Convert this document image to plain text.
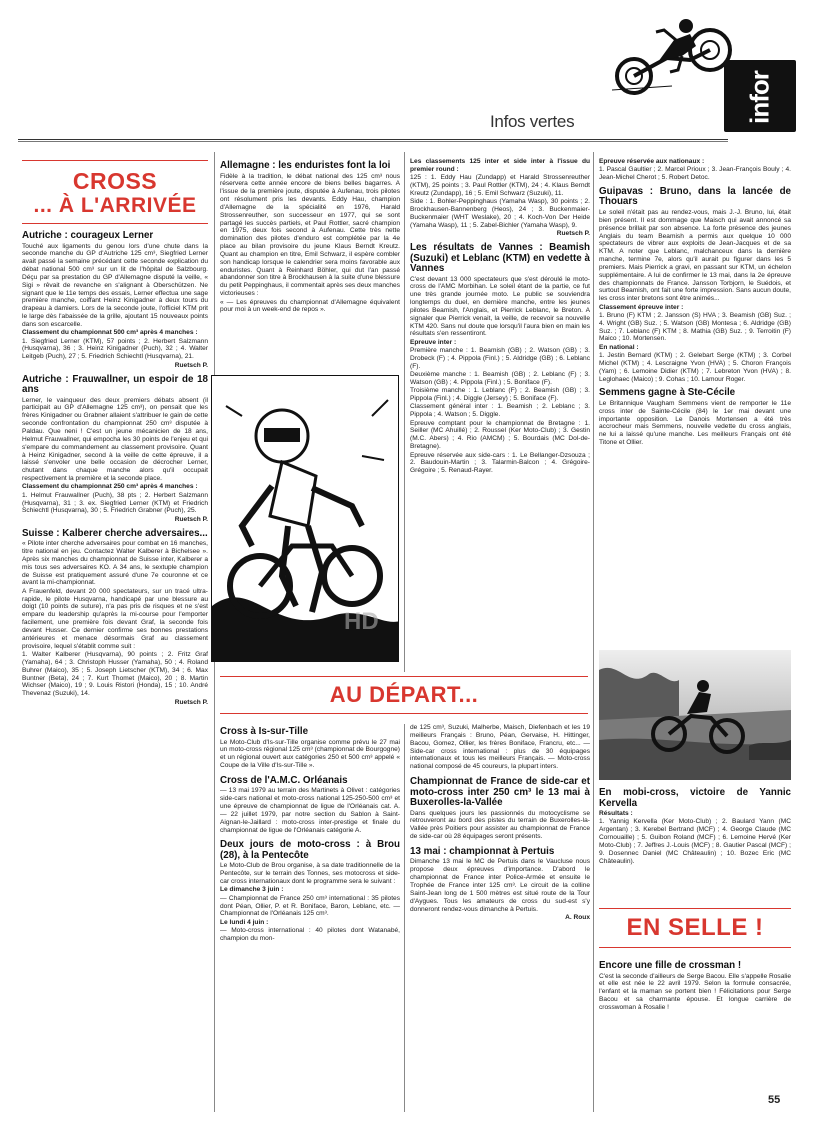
infor
Infos vertes
CROSS
... À L'ARRIVÉE
Autriche : courageux Lerner

Touché aux ligaments du genou lors d'une chute dans la seconde manche du GP d'Autriche 125 cm³, Siegfried Lerner avait passé la semaine précédant cette seconde explication du débat national 500 cm³ sur un lit de l'hôpital de Salzbourg. Déçu par sa prestation du GP d'Allemagne disputé la veille, « Sigi » rêvait de revanche en s'alignant à Oberschützen. Ne signant que le 11e temps des essais, Lerner effectua une sage première manche, coiffant Heinz Kinigadner à deux tours du drapeau à damiers. Lors de la seconde joute, l'officiel KTM prit le large dès l'abaissée de la grille, ajoutant 15 nouveaux points dans son escarcelle.

Classement du championnat 500 cm³ après 4 manches :

1. Siegfried Lerner (KTM), 57 points ; 2. Herbert Salzmann (Husqvarna), 36 ; 3. Heinz Kinigadner (Puch), 32 ; 4. Walter Leitgeb (Puch), 27 ; 5. Friedrich Schiechtl (Husqvarna), 21.

Ruetsch P.
Autriche : Frauwallner, un espoir de 18 ans

Lerner, le vainqueur des deux premiers débats absent (il participait au GP d'Allemagne 125 cm³), on pensait que les frères Kinigadner ou Grabner allaient s'attribuer le gain de cette seconde confrontation du championnat 250 cm³ disputée à Paldau. Que neni ! C'est un jeune mécanicien de 18 ans, Helmut Frauwallner, qui empocha les 30 points de l'enjeu et qui s'empare du commandement au classement provisoire. Quant à Heinz Kinigadner, second à la veille de cette épreuve, il a laissé s'envoler une belle occasion de décrocher Lerner, chutant dans chaque manche alors qu'il occupait respectivement la première et la seconde place.

Classement du championnat 250 cm³ après 4 manches :

1. Helmut Frauwallner (Puch), 38 pts ; 2. Herbert Salzmann (Husqvarna), 31 ; 3. ex. Siegfried Lerner (KTM) et Friedrich Schiechtl (Husqvarna), 30 ; 5. Friedrich Grabner (Puch), 25.

Ruetsch P.
Suisse : Kalberer cherche adversaires...

« Pilote inter cherche adversaires pour combat en 16 manches, titre national en jeu. Contactez Walter Kalberer à Bichelsee ». Après six manches du championnat de Suisse inter, Kalberer a mis tous ses adversaires KO. A 34 ans, le sextuple champion de Suisse est pratiquement assuré d'une 7e couronne et ce avant la mi-championnat.

A Frauenfeld, devant 20 000 spectateurs, sur un tracé ultra-rapide, le pilote Husqvarna, handicapé par une blessure au doigt (10 points de suture), n'a pas pris de risques et ne s'est empare du leadership qu'après la mi-course pour l'emporter facilement, une première fois devant Graf, la seconde fois devant Husser. Ce dernier confirme ses bonnes prestations antérieures et menace désormais Graf au classement provisoire, lequel s'établit comme suit :

1. Walter Kalberer (Husqvarna), 90 points ; 2. Fritz Graf (Yamaha), 64 ; 3. Christoph Husser (Yamaha), 50 ; 4. Roland Buhrer (Maico), 35 ; 5. Joseph Lietscher (KTM), 34 ; 6. Max Buntner (Beta), 24 ; 7. Kurt Thomet (Maico), 20 ; 8. Martin Wichser (Maico), 19 ; 9. Louis Ristori (Honda), 15 ; 10. André Thevenaz (Suzuki), 14.

Ruetsch P.
Allemagne : les enduristes font la loi

Fidèle à la tradition, le débat national des 125 cm³ nous réservera cette année encore de biens belles bagarres. A l'issue de la première joute, disputée à Aufenau, trois pilotes ont résolument pris les devants. Eddy Hau, champion d'Allemagne de la spécialité en 1976, Harald Strossenreuther, son successeur en 1977, qui se sont partagé les succès partiels, et Paul Rottler, sacré champion en 1975, deux fois second à Aufenau. Cette très nette domination des pilotes d'enduro est complétée par la 4e place au bilan provisoire du jeune Klaus Berndt Kreutz. Quant au champion en titre, Emil Schwarz, il espère combler son handicap lorsque le calendrier sera moins favorable aux enduristes. Quant à Reinhard Böhler, qui dut l'an passé abandonner son titre à Brockhausen à la suite d'une blessure du petit Peppinghaus, il commentait après ses deux manches victorieuses :

« — Les épreuves du championnat d'Allemagne équivalent pour moi à un week-end de repos ».

HD

Les classements 125 inter et side inter à l'issue du premier round :

125 : 1. Eddy Hau (Zundapp) et Harald Strossenreuther (KTM), 25 points ; 3. Paul Rottler (KTM), 24 ; 4. Klaus Berndt Kreutz (Zundapp), 16 ; 5. Emil Schwarz (Suzuki), 11.

Side : 1. Bohler-Peppinghaus (Yamaha Wasp), 30 points ; 2. Brockhausen-Bannenberg (Heos), 24 ; 3. Buckenmaier-Buckenmaier (WHT Weslake), 20 ; 4. Koch-Von Der Heide (Yamaha Wasp), 11 ; 5. Zabel-Bichler (Yamaha Wasp), 9.

Ruetsch P.
Les résultats de Vannes : Beamish (Suzuki) et Leblanc (KTM) en vedette à Vannes

C'est devant 13 000 spectateurs que s'est déroulé le moto-cross de l'AMC Morbihan. Le soleil étant de la partie, ce fut une très grande journée moto. Le public se souviendra longtemps du duel, en dernière manche, entre les jeunes pilotes Beamish, l'Anglais, et Pierrick Leblanc, le Breton. A signaler que Pierrick venait, la veille, de recevoir sa nouvelle KTM 420. Sans nul doute que lorsqu'il l'aura bien en main les résultats s'en ressentiront.

Epreuve inter :

Première manche : 1. Beamish (GB) ; 2. Watson (GB) ; 3. Drobeck (F) ; 4. Pippola (Finl.) ; 5. Aldridge (GB) ; 6. Leblanc (F).

Deuxième manche : 1. Beamish (GB) ; 2. Leblanc (F) ; 3. Watson (GB) ; 4. Pippola (Finl.) ; 5. Boniface (F).

Troisième manche : 1. Leblanc (F) ; 2. Beamish (GB) ; 3. Pippola (Finl.) ; 4. Diggle (Jersey) ; 5. Boniface (F).

Classement général inter : 1. Beamish ; 2. Leblanc ; 3. Pippola ; 4. Watson ; 5. Diggle.

Epreuve comptant pour le championnat de Bretagne : 1. Seiller (MC Ahuillé) ; 2. Roussel (Ker Moto-Club) ; 3. Gestin (M.C. Abers) ; 4. Rio (AMCM) ; 5. Bourdais (MC Dol-de-Bretagne).

Epreuve réservée aux side-cars : 1. Le Bellanger-Dzsouza ; 2. Baudouin-Martin ; 3. Talarmin-Balcon ; 4. Grégoire-Grégoire ; 5. Renaud-Rayer.

AU DÉPART...
Cross à Is-sur-Tille

Le Moto-Club d'Is-sur-Tille organise comme prévu le 27 mai un moto-cross régional 125 cm³ (championnat de Bourgogne) et un régional ouvert aux catégories 250 et 500 cm³ appelé « Coupe de la Ville d'Is-sur-Tille ».

Cross de l'A.M.C. Orléanais

— 13 mai 1979 au terrain des Martinets à Olivet : catégories side-cars national et moto-cross national 125-250-500 cm³ et une épreuve de championnat de ligue de l'Orléanais cat. A. — 22 juillet 1979, par notre section du Sablon à Saint-Aignan-le-Jaillard : moto-cross inter-prestige et finale du championnat de ligue de l'Orléanais catégorie A.

Deux jours de moto-cross : à Brou (28), à la Pentecôte

Le Moto-Club de Brou organise, à sa date traditionnelle de la Pentecôte, sur le terrain des Tonnes, ses motocross et side-car cross internationaux dont le programme sera le suivant :

Le dimanche 3 juin :

— Championnat de France 250 cm³ international : 35 pilotes dont Péan, Ollier, P. et R. Boniface, Baron, Leblanc, etc. — Championnat de l'Orléanais 125 cm³.

Le lundi 4 juin :

— Moto-cross international : 40 pilotes dont Watanabé, champion du mon-

de 125 cm³, Suzuki, Malherbe, Maisch, Diefenbach et les 19 meilleurs Français : Bruno, Péan, Gervaise, H. Hittinger, Bacou, Gomez, Ollier, les frères Boniface, Francru, etc... — Side-car cross international : plus de 30 équipages internationaux et tous les meilleurs Français. — Moto-cross national composé de 45 coureurs, la plupart inters.

Championnat de France de side-car et moto-cross inter 250 cm³ le 13 mai à Buxerolles-la-Vallée

Dans quelques jours les passionnés du motocyclisme se retrouveront au bord des pistes du terrain de Buxerolles-la-Vallée près Poitiers pour assister au championnat de France de side-car où 28 équipages seront présents.

13 mai : championnat à Pertuis

Dimanche 13 mai le MC de Pertuis dans le Vaucluse nous propose deux épreuves d'importance. D'abord le championnat de France inter Police-Armée et ensuite le Trophée de France inter 125 cm³. Le circuit de la colline Saint-Jean long de 1 500 mètres est situé route de la Tour d'Aygues. Tous les amateurs de cross du sud-est s'y donneront rendez-vous dimanche à Pertuis.

A. Roux

Epreuve réservée aux nationaux :

1. Pascal Gaultier ; 2. Marcel Prioux ; 3. Jean-François Bouly ; 4. Jean-Michel Cherot ; 5. Robert Detoc.

Guipavas : Bruno, dans la lancée de Thouars

Le soleil n'était pas au rendez-vous, mais J.-J. Bruno, lui, était bien présent. Il est dommage que Maisch qui avait annoncé sa présence brillait par son absence. La forte présence des jeunes Anglais du team Beamish a permis aux quelque 10 000 spectateurs de vibrer aux exploits de Jean-Jacques et de sa KTM. A noter que Leblanc, malchanceux dans la dernière manche, termine 7e, alors qu'il aurait pu figurer dans les 5 premiers. Mais Pierrick a gravi, en passant sur KTM, un échelon supplémentaire. A lui de confirmer le 13 mai, dans la 2e épreuve des championnats de France. Jansson Torbjorn, le Suédois, et surtout Beamish, ont fait une forte impression. Sans aucun doute, les cross inter bretons sont être animés...

Classement épreuve inter :

1. Bruno (F) KTM ; 2. Jansson (S) HVA ; 3. Beamish (GB) Suz. ; 4. Wright (GB) Suz. ; 5. Watson (GB) Montesa ; 6. Aldridge (GB) Suz. ; 7. Leblanc (F) KTM ; 8. Mathia (GB) Suz. ; 9. Terroitin (F) Maico ; 10. Mortensen.

En national :

1. Jestin Bernard (KTM) ; 2. Gelebart Serge (KTM) ; 3. Corbel Michel (KTM) ; 4. Lescraigne Yvon (HVA) ; 5. Choron François (Yam) ; 6. Lemoine Didier (KTM) ; 7. Lebreton Yvon (HVA) ; 8. Leglohaec (Maico) ; 9. Cohas ; 10. Lamour Roger.

Semmens gagne à Ste-Cécile

Le Britannique Vaugham Semmens vient de remporter le 11e cross inter de Sainte-Cécile (84) le 1er mai devant une importante opposition. Le Danois Mortensen a été très accrocheur mais Semmens, nouvelle vedette du cross anglais, ne lui a laissé qu'une manche. Les meilleurs Français ont été Titone et Ollier.

En mobi-cross, victoire de Yannic Kervella

Résultats :

1. Yannig Kervella (Ker Moto-Club) ; 2. Baulard Yann (MC Argentan) ; 3. Kerebel Bertrand (MCF) ; 4. George Claude (MC Cornouaille) ; 5. Guibon Roland (MCF) ; 6. Lemoine Hervé (Ker Moto-Club) ; 7. Jeffres J.-Louis (MCF) ; 8. Gautier Pascal (MCF) ; 9. Dosennec Daniel (MC Châteaulin) ; 10. Bozec Eric (MC Châteaulin).

EN SELLE !
Encore une fille de crossman !

C'est la seconde d'ailleurs de Serge Bacou. Elle s'appelle Rosalie et elle est née le 22 avril 1979. Selon la formule consacrée, l'enfant et la maman se portent bien ! Félicitations pour Serge Bacou et sa charmante épouse. Et longue carrière de crosswoman à Rosalie !

55
